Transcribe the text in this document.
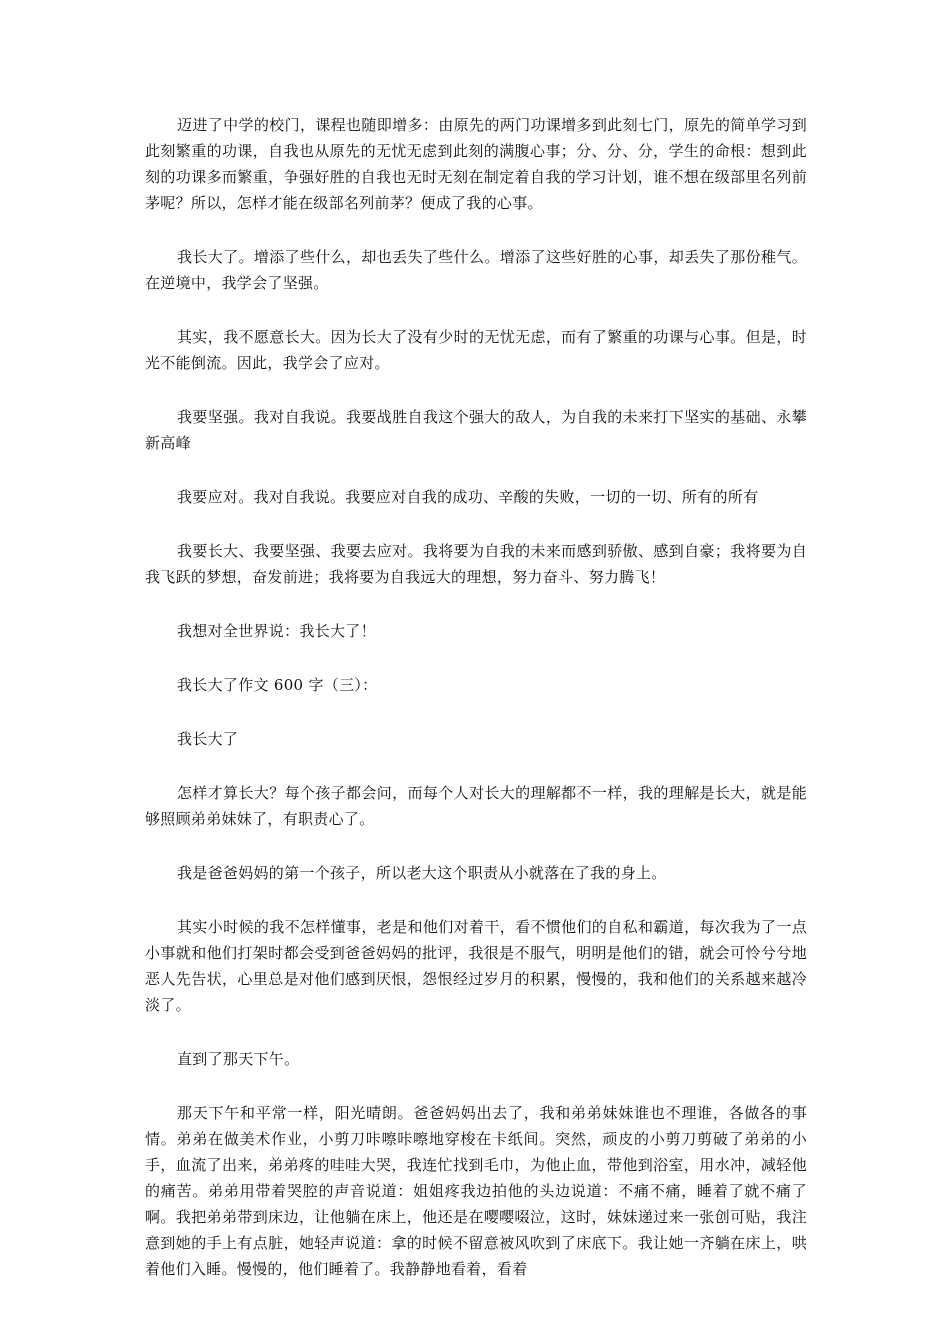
迈进了中学的校门，课程也随即增多：由原先的两门功课增多到此刻七门，原先的简单学习到此刻繁重的功课，自我也从原先的无忧无虑到此刻的满腹心事；分、分、分，学生的命根：想到此刻的功课多而繁重，争强好胜的自我也无时无刻在制定着自我的学习计划，谁不想在级部里名列前茅呢？所以，怎样才能在级部名列前茅？便成了我的心事。

我长大了。增添了些什么，却也丢失了些什么。增添了这些好胜的心事，却丢失了那份稚气。在逆境中，我学会了坚强。

其实，我不愿意长大。因为长大了没有少时的无忧无虑，而有了繁重的功课与心事。但是，时光不能倒流。因此，我学会了应对。

我要坚强。我对自我说。我要战胜自我这个强大的敌人，为自我的未来打下坚实的基础、永攀新高峰

我要应对。我对自我说。我要应对自我的成功、辛酸的失败，一切的一切、所有的所有

我要长大、我要坚强、我要去应对。我将要为自我的未来而感到骄傲、感到自豪；我将要为自我飞跃的梦想，奋发前进；我将要为自我远大的理想，努力奋斗、努力腾飞！

我想对全世界说：我长大了！

我长大了作文 600 字（三）：

我长大了

怎样才算长大？每个孩子都会问，而每个人对长大的理解都不一样，我的理解是长大，就是能够照顾弟弟妹妹了，有职责心了。

我是爸爸妈妈的第一个孩子，所以老大这个职责从小就落在了我的身上。

其实小时候的我不怎样懂事，老是和他们对着干，看不惯他们的自私和霸道，每次我为了一点小事就和他们打架时都会受到爸爸妈妈的批评，我很是不服气，明明是他们的错，就会可怜兮兮地恶人先告状，心里总是对他们感到厌恨，怨恨经过岁月的积累，慢慢的，我和他们的关系越来越冷淡了。

直到了那天下午。

那天下午和平常一样，阳光晴朗。爸爸妈妈出去了，我和弟弟妹妹谁也不理谁，各做各的事情。弟弟在做美术作业，小剪刀咔嚓咔嚓地穿梭在卡纸间。突然，顽皮的小剪刀剪破了弟弟的小手，血流了出来，弟弟疼的哇哇大哭，我连忙找到毛巾，为他止血，带他到浴室，用水冲，减轻他的痛苦。弟弟用带着哭腔的声音说道：姐姐疼我边拍他的头边说道：不痛不痛，睡着了就不痛了啊。我把弟弟带到床边，让他躺在床上，他还是在嘤嘤啜泣，这时，妹妹递过来一张创可贴，我注意到她的手上有点脏，她轻声说道：拿的时候不留意被风吹到了床底下。我让她一齐躺在床上，哄着他们入睡。慢慢的，他们睡着了。我静静地看着，看着
